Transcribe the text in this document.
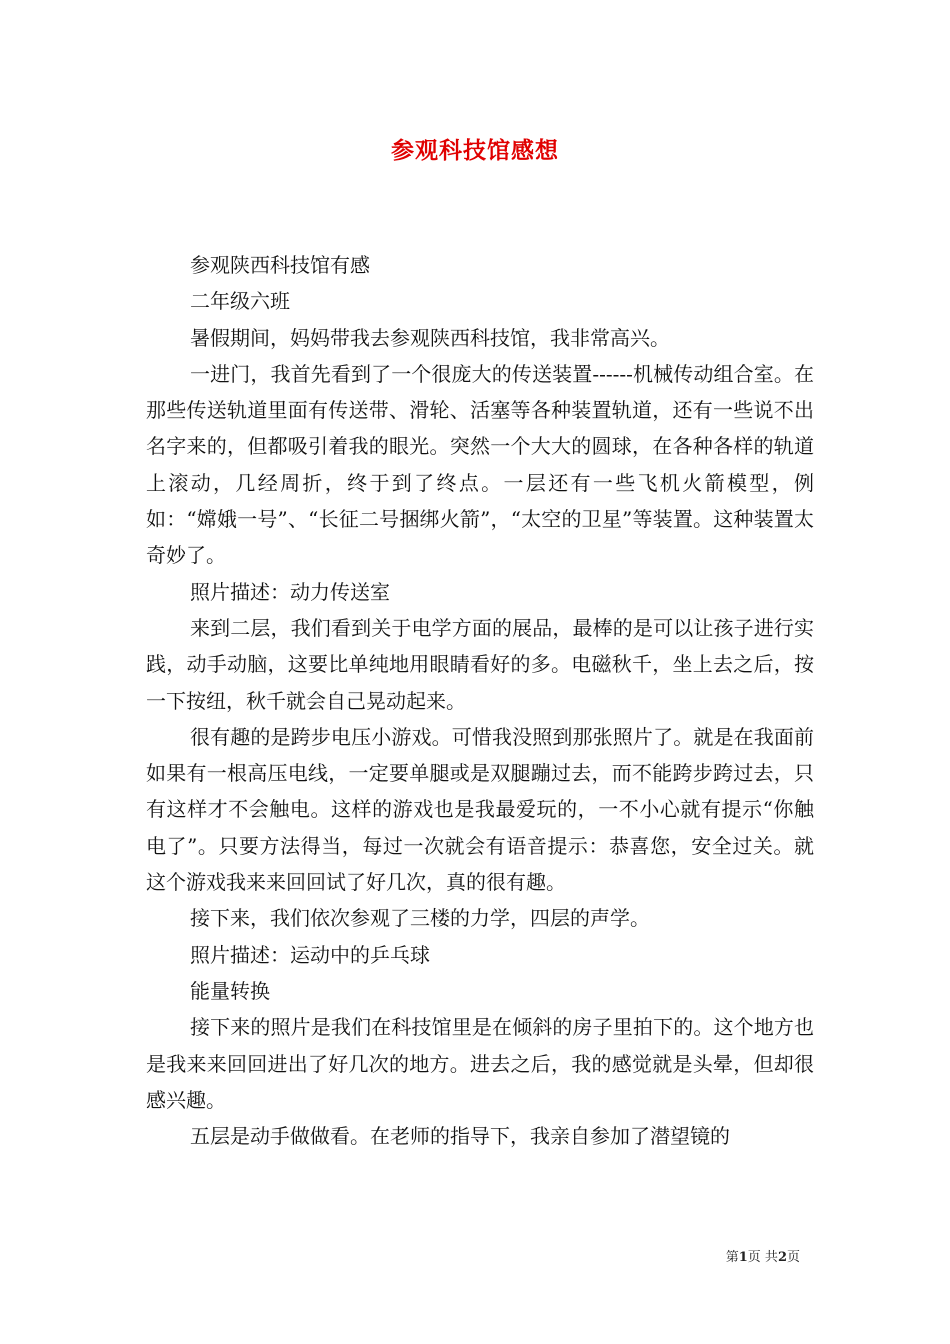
参观科技馆感想

参观陕西科技馆有感

二年级六班

暑假期间，妈妈带我去参观陕西科技馆，我非常高兴。

一进门，我首先看到了一个很庞大的传送装置------机械传动组合室。在那些传送轨道里面有传送带、滑轮、活塞等各种装置轨道，还有一些说不出名字来的，但都吸引着我的眼光。突然一个大大的圆球，在各种各样的轨道上滚动，几经周折，终于到了终点。一层还有一些飞机火箭模型，例如：“嫦娥一号”、“长征二号捆绑火箭”，“太空的卫星”等装置。这种装置太奇妙了。

照片描述：动力传送室

来到二层，我们看到关于电学方面的展品，最棒的是可以让孩子进行实践，动手动脑，这要比单纯地用眼睛看好的多。电磁秋千，坐上去之后，按一下按纽，秋千就会自己晃动起来。

很有趣的是跨步电压小游戏。可惜我没照到那张照片了。就是在我面前如果有一根高压电线，一定要单腿或是双腿蹦过去，而不能跨步跨过去，只有这样才不会触电。这样的游戏也是我最爱玩的，一不小心就有提示“你触电了”。只要方法得当，每过一次就会有语音提示：恭喜您，安全过关。就这个游戏我来来回回试了好几次，真的很有趣。

接下来，我们依次参观了三楼的力学，四层的声学。

照片描述：运动中的乒乓球

能量转换

接下来的照片是我们在科技馆里是在倾斜的房子里拍下的。这个地方也是我来来回回进出了好几次的地方。进去之后，我的感觉就是头晕，但却很感兴趣。

五层是动手做做看。在老师的指导下，我亲自参加了潜望镜的

第1页 共2页
